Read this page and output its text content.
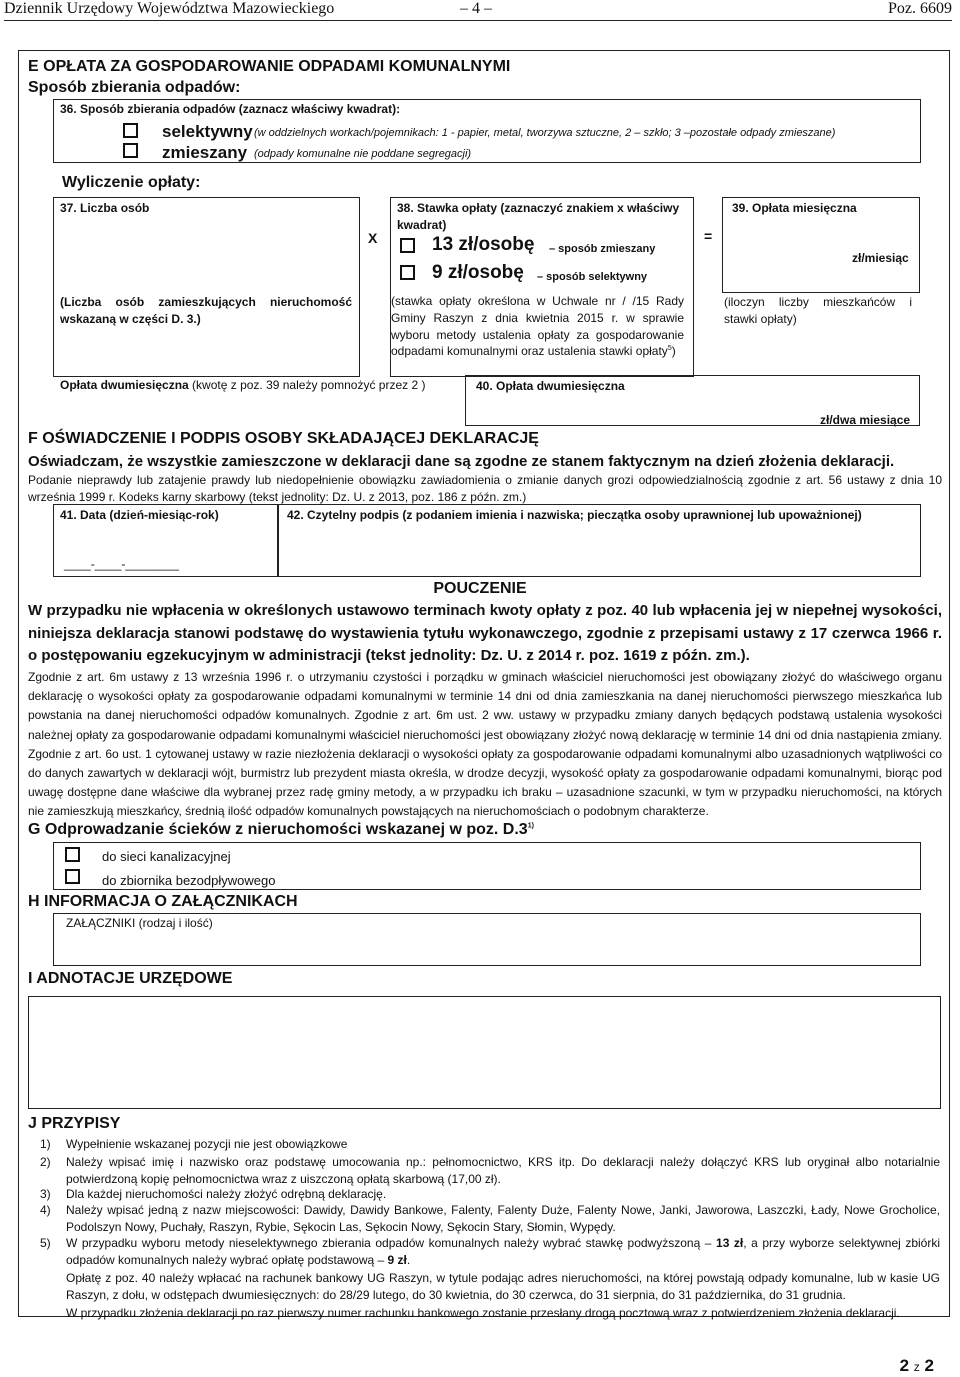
Dziennik Urzędowy Województwa Mazowieckiego	– 4 –	Poz. 6609
E OPŁATA ZA GOSPODAROWANIE ODPADAMI KOMUNALNYMI
Sposób zbierania odpadów:
36. Sposób zbierania odpadów (zaznacz właściwy kwadrat):
selektywny (w oddzielnych workach/pojemnikach: 1 - papier, metal, tworzywa sztuczne, 2 – szkło; 3 –pozostałe odpady zmieszane)
zmieszany (odpady komunalne nie poddane segregacji)
Wyliczenie opłaty:
37. Liczba osób
(Liczba osób zamieszkujących nieruchomość wskazaną w części D. 3.)
X
38. Stawka opłaty (zaznaczyć znakiem x właściwy kwadrat)
13 zł/osobę – sposób zmieszany
9 zł/osobę – sposób selektywny
(stawka opłaty określona w Uchwale nr / /15 Rady Gminy Raszyn z dnia kwietnia 2015 r. w sprawie wyboru metody ustalenia opłaty za gospodarowanie odpadami komunalnymi oraz ustalenia stawki opłaty$^5$)
=
39. Opłata miesięczna
zł/miesiąc
(iloczyn liczby mieszkańców i stawki opłaty)
Opłata dwumiesięczna (kwotę z poz. 39 należy pomnożyć przez 2 )	40. Opłata dwumiesięczna
zł/dwa miesiące
F OŚWIADCZENIE I PODPIS OSOBY SKŁADAJĄCEJ DEKLARACJĘ
Oświadczam, że wszystkie zamieszczone w deklaracji dane są zgodne ze stanem faktycznym na dzień złożenia deklaracji.
Podanie nieprawdy lub zatajenie prawdy lub niedopełnienie obowiązku zawiadomienia o zmianie danych grozi odpowiedzialnością zgodnie z art. 56 ustawy z dnia 10 września 1999 r. Kodeks karny skarbowy (tekst jednolity: Dz. U. z 2013, poz. 186 z późn. zm.)
41. Data (dzień-miesiąc-rok)
____-____-________
42. Czytelny podpis (z podaniem imienia i nazwiska; pieczątka osoby uprawnionej lub upoważnionej)
POUCZENIE
W przypadku nie wpłacenia w określonych ustawowo terminach kwoty opłaty z poz. 40 lub wpłacenia jej w niepełnej wysokości, niniejsza deklaracja stanowi podstawę do wystawienia tytułu wykonawczego, zgodnie z przepisami ustawy z 17 czerwca 1966 r. o postępowaniu egzekucyjnym w administracji (tekst jednolity: Dz. U. z 2014 r. poz. 1619 z późn. zm.).
Zgodnie z art. 6m ustawy z 13 września 1996 r. o utrzymaniu czystości i porządku w gminach właściciel nieruchomości jest obowiązany złożyć do właściwego organu deklarację o wysokości opłaty za gospodarowanie odpadami komunalnymi w terminie 14 dni od dnia zamieszkania na danej nieruchomości pierwszego mieszkańca lub powstania na danej nieruchomości odpadów komunalnych. Zgodnie z art. 6m ust. 2 ww. ustawy w przypadku zmiany danych będących podstawą ustalenia wysokości należnej opłaty za gospodarowanie odpadami komunalnymi właściciel nieruchomości jest obowiązany złożyć nową deklarację w terminie 14 dni od dnia nastąpienia zmiany. Zgodnie z art. 6o ust. 1 cytowanej ustawy w razie niezłożenia deklaracji o wysokości opłaty za gospodarowanie odpadami komunalnymi albo uzasadnionych wątpliwości co do danych zawartych w deklaracji wójt, burmistrz lub prezydent miasta określa, w drodze decyzji, wysokość opłaty za gospodarowanie odpadami komunalnymi, biorąc pod uwagę dostępne dane właściwe dla wybranej przez radę gminy metody, a w przypadku ich braku – uzasadnione szacunki, w tym w przypadku nieruchomości, na których nie zamieszkują mieszkańcy, średnią ilość odpadów komunalnych powstających na nieruchomościach o podobnym charakterze.
G Odprowadzanie ścieków z nieruchomości wskazanej w poz. D.3$^{1)}$
do sieci kanalizacyjnej
do zbiornika bezodpływowego
H INFORMACJA O ZAŁĄCZNIKACH
ZAŁĄCZNIKI (rodzaj i ilość)
I ADNOTACJE URZĘDOWE
J PRZYPISY
1) Wypełnienie wskazanej pozycji nie jest obowiązkowe
2) Należy wpisać imię i nazwisko oraz podstawę umocowania np.: pełnomocnictwo, KRS itp. Do deklaracji należy dołączyć KRS lub oryginał albo notarialnie potwierdzoną kopię pełnomocnictwa wraz z uiszczoną opłatą skarbową (17,00 zł).
3) Dla każdej nieruchomości należy złożyć odrębną deklarację.
4) Należy wpisać jedną z nazw miejscowości: Dawidy, Dawidy Bankowe, Falenty, Falenty Duże, Falenty Nowe, Janki, Jaworowa, Laszczki, Łady, Nowe Grocholice, Podolszyn Nowy, Puchały, Raszyn, Rybie, Sękocin Las, Sękocin Nowy, Sękocin Stary, Słomin, Wypędy.
5) W przypadku wyboru metody nieselektywnego zbierania odpadów komunalnych należy wybrać stawkę podwyższoną – 13 zł, a przy wyborze selektywnej zbiórki odpadów komunalnych należy wybrać opłatę podstawową – 9 zł.
Opłatę z poz. 40 należy wpłacać na rachunek bankowy UG Raszyn, w tytule podając adres nieruchomości, na której powstają odpady komunalne, lub w kasie UG Raszyn, z dołu, w odstępach dwumiesięcznych: do 28/29 lutego, do 30 kwietnia, do 30 czerwca, do 31 sierpnia, do 31 października, do 31 grudnia.
W przypadku złożenia deklaracji po raz pierwszy numer rachunku bankowego zostanie przesłany drogą pocztową wraz z potwierdzeniem złożenia deklaracji.
2 z 2
